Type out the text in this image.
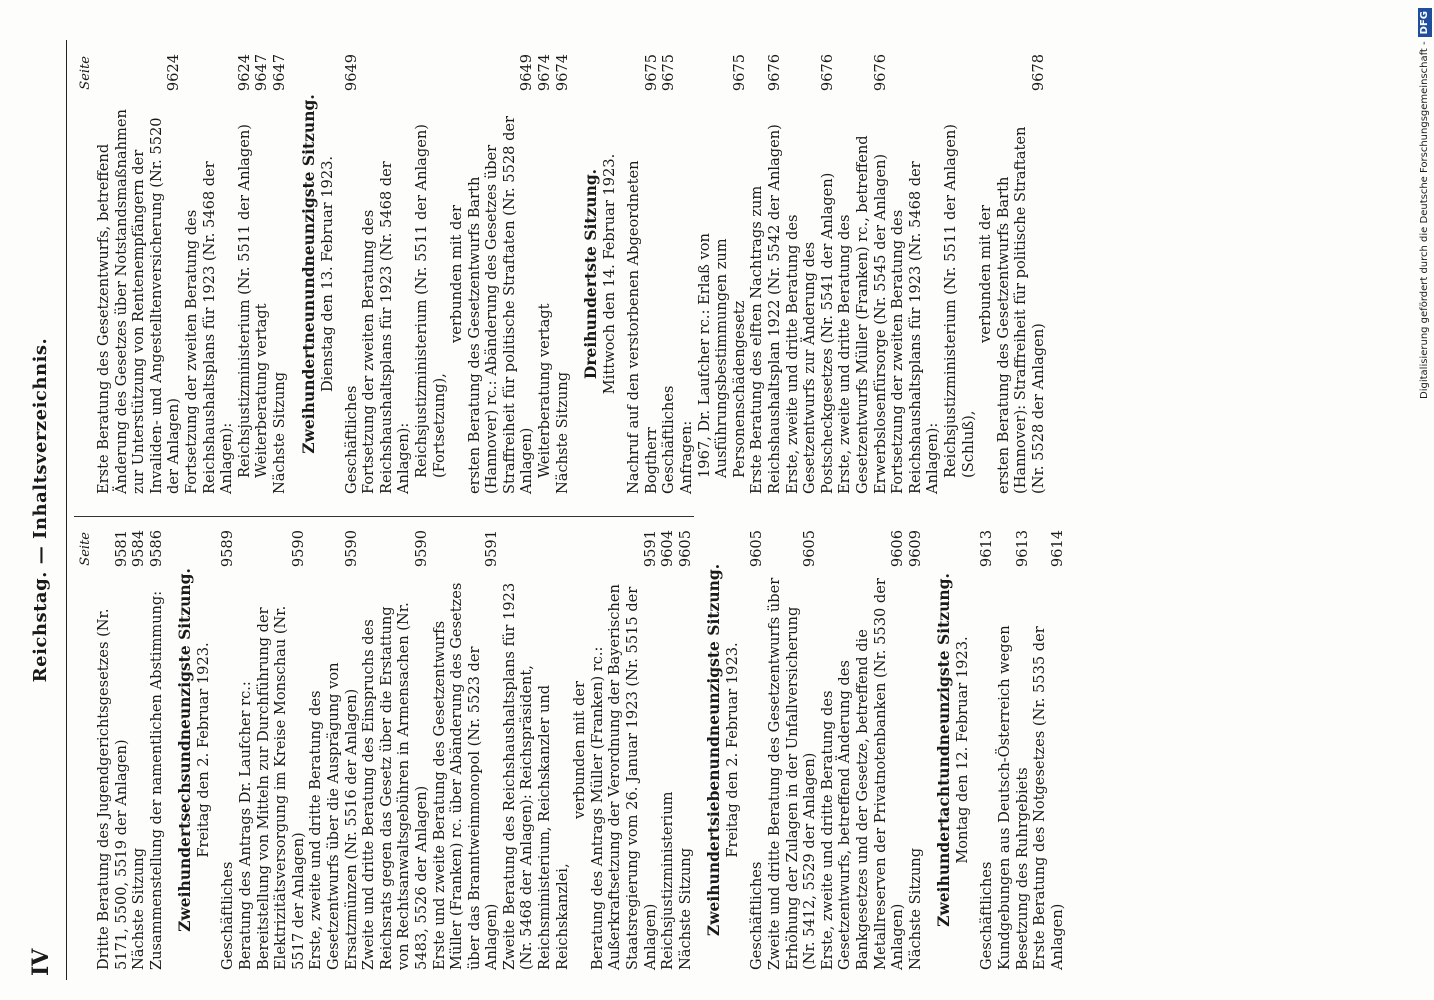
IV
Reichstag. — Inhaltsverzeichnis. Seite
Dritte Beratung des Jugendgerichtsgesetzes (Nr. 5171, 5500, 5519 der Anlagen)
9581
Nächste Sitzung
9584
Zusammenstellung der namentlichen Abstimmung:
9586
Zweihundertsechsundneunzigste Sitzung. Freitag den 2. Februar 1923.
Geschäftliches
9589
Beratung des Antrags Dr. Laufcher rc.: Bereitstellung von Mitteln zur Durchführung der Elektrizitätsversorgung im Kreise Monschau (Nr. 5517 der Anlagen)
9590
Erste, zweite und dritte Beratung des Gesetzentwurfs über die Ausprägung von Ersatzmünzen (Nr. 5516 der Anlagen)
9590
Zweite und dritte Beratung des Einspruchs des Reichsrats gegen das Gesetz über die Erstattung von Rechtsanwaltsgebühren in Armensachen (Nr. 5483, 5526 der Anlagen)
9590
Erste und zweite Beratung des Gesetzentwurfs Müller (Franken) rc. über Abänderung des Gesetzes über das Branntweinmonopol (Nr. 5523 der Anlagen)
9591
Zweite Beratung des Reichshaushaltsplans für 1923 (Nr. 5468 der Anlagen): Reichspräsident, Reichsministerium, Reichskanzler und Reichskanzlei,
verbunden mit der Beratung des Antrags Müller (Franken) rc.: Außerkraftsetzung der Verordnung der Bayerischen Staatsregierung vom 26. Januar 1923 (Nr. 5515 der Anlagen)
9591
Reichsjustizministerium
9604
Nächste Sitzung
9605
Zweihundertsiebenundneunzigste Sitzung. Freitag den 2. Februar 1923.
Geschäftliches
9605
Zweite und dritte Beratung des Gesetzentwurfs über Erhöhung der Zulagen in der Unfallversicherung (Nr. 5412, 5529 der Anlagen)
9605
Erste, zweite und dritte Beratung des Gesetzentwurfs, betreffend Änderung des Bankgesetzes und der Gesetze, betreffend die Metallreserven der Privatnotenbanken (Nr. 5530 der Anlagen)
9606
Nächste Sitzung
9609
Zweihundertachtundneunzigste Sitzung. Montag den 12. Februar 1923.
Geschäftliches
9613
Kundgebungen aus Deutsch-Österreich wegen Besetzung des Ruhrgebiets
9613
Erste Beratung des Notgesetzes (Nr. 5535 der Anlagen)
9614
Seite
Erste Beratung des Gesetzentwurfs, betreffend Änderung des Gesetzes über Notstandsmaßnahmen zur Unterstützung von Rentenempfängern der Invaliden- und Angestelltenversicherung (Nr. 5520 der Anlagen)
9624
Fortsetzung der zweiten Beratung des Reichshaushaltsplans für 1923 (Nr. 5468 der Anlagen): Reichsjustizministerium (Nr. 5511 der Anlagen)
9624
Weiterberatung vertagt
9647
Nächste Sitzung
9647
Zweihundertneunundneunzigste Sitzung. Dienstag den 13. Februar 1923.
Geschäftliches
9649
Fortsetzung der zweiten Beratung des Reichshaushaltsplans für 1923 (Nr. 5468 der Anlagen): Reichsjustizministerium (Nr. 5511 der Anlagen) (Fortsetzung),
verbunden mit der ersten Beratung des Gesetzentwurfs Barth (Hannover) rc.: Abänderung des Gesetzes über Straffreiheit für politische Straftaten (Nr. 5528 der Anlagen)
9649
Weiterberatung vertagt
9674
Nächste Sitzung
9674
Dreihundertste Sitzung. Mittwoch den 14. Februar 1923. Nachruf auf den verstorbenen Abgeordneten Bogtherr
9675
Geschäftliches
9675
Anfragen: 1967, Dr. Laufcher rc.: Erlaß von Ausführungsbestimmungen zum Personenschädengesetz
9675
Erste Beratung des elften Nachtrags zum Reichshaushaltsplan 1922 (Nr. 5542 der Anlagen)
9676
Erste, zweite und dritte Beratung des Gesetzentwurfs zur Änderung des Postscheckgesetzes (Nr. 5541 der Anlagen)
9676
Erste, zweite und dritte Beratung des Gesetzentwurfs Müller (Franken) rc., betreffend Erwerbslosenfürsorge (Nr. 5545 der Anlagen)
9676
Fortsetzung der zweiten Beratung des Reichshaushaltsplans für 1923 (Nr. 5468 der Anlagen): Reichsjustizministerium (Nr. 5511 der Anlagen) (Schluß),
verbunden mit der ersten Beratung des Gesetzentwurfs Barth (Hannover): Straffreiheit für politische Straftaten (Nr. 5528 der Anlagen)
9678	Digitalisierung gefördert durch die Deutsche Forschungsgemeinschaft -DFG
